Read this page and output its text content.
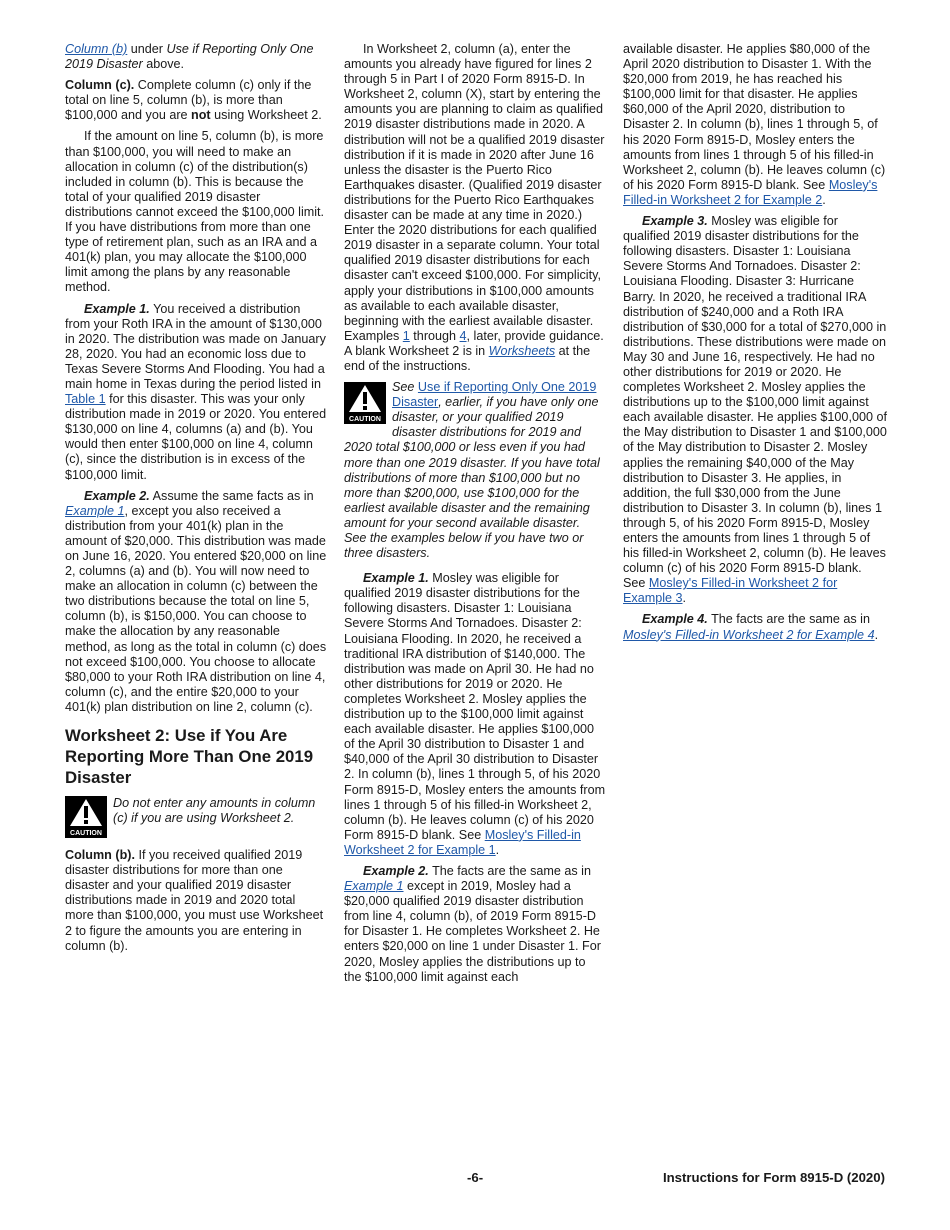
Column (b) under Use if Reporting Only One 2019 Disaster above.

Column (c). Complete column (c) only if the total on line 5, column (b), is more than $100,000 and you are not using Worksheet 2.

If the amount on line 5, column (b), is more than $100,000, you will need to make an allocation in column (c) of the distribution(s) included in column (b). This is because the total of your qualified 2019 disaster distributions cannot exceed the $100,000 limit. If you have distributions from more than one type of retirement plan, such as an IRA and a 401(k) plan, you may allocate the $100,000 limit among the plans by any reasonable method.

Example 1. You received a distribution from your Roth IRA in the amount of $130,000 in 2020. The distribution was made on January 28, 2020. You had an economic loss due to Texas Severe Storms And Flooding. You had a main home in Texas during the period listed in Table 1 for this disaster. This was your only distribution made in 2019 or 2020. You entered $130,000 on line 4, columns (a) and (b). You would then enter $100,000 on line 4, column (c), since the distribution is in excess of the $100,000 limit.

Example 2. Assume the same facts as in Example 1, except you also received a distribution from your 401(k) plan in the amount of $20,000. This distribution was made on June 16, 2020. You entered $20,000 on line 2, columns (a) and (b). You will now need to make an allocation in column (c) between the two distributions because the total on line 5, column (b), is $150,000. You can choose to make the allocation by any reasonable method, as long as the total in column (c) does not exceed $100,000. You choose to allocate $80,000 to your Roth IRA distribution on line 4, column (c), and the entire $20,000 to your 401(k) plan distribution on line 2, column (c).

Worksheet 2: Use if You Are Reporting More Than One 2019 Disaster
CAUTION
Do not enter any amounts in column (c) if you are using Worksheet 2.

Column (b). If you received qualified 2019 disaster distributions for more than one disaster and your qualified 2019 disaster distributions made in 2019 and 2020 total more than $100,000, you must use Worksheet 2 to figure the amounts you are entering in column (b).

In Worksheet 2, column (a), enter the amounts you already have figured for lines 2 through 5 in Part I of 2020 Form 8915-D. In Worksheet 2, column (X), start by entering the amounts you are planning to claim as qualified 2019 disaster distributions made in 2020. A distribution will not be a qualified 2019 disaster distribution if it is made in 2020 after June 16 unless the disaster is the Puerto Rico Earthquakes disaster. (Qualified 2019 disaster distributions for the Puerto Rico Earthquakes disaster can be made at any time in 2020.) Enter the 2020 distributions for each qualified 2019 disaster in a separate column. Your total qualified 2019 disaster distributions for each disaster can't exceed $100,000. For simplicity, apply your distributions in $100,000 amounts as available to each available disaster, beginning with the earliest available disaster. Examples 1 through 4, later, provide guidance. A blank Worksheet 2 is in Worksheets at the end of the instructions.

CAUTION
See Use if Reporting Only One 2019 Disaster, earlier, if you have only one disaster, or your qualified 2019 disaster distributions for 2019 and 2020 total $100,000 or less even if you had more than one 2019 disaster. If you have total distributions of more than $100,000 but no more than $200,000, use $100,000 for the earliest available disaster and the remaining amount for your second available disaster. See the examples below if you have two or three disasters.

Example 1. Mosley was eligible for qualified 2019 disaster distributions for the following disasters. Disaster 1: Louisiana Severe Storms And Tornadoes. Disaster 2: Louisiana Flooding. In 2020, he received a traditional IRA distribution of $140,000. The distribution was made on April 30. He had no other distributions for 2019 or 2020. He completes Worksheet 2. Mosley applies the distribution up to the $100,000 limit against each available disaster. He applies $100,000 of the April 30 distribution to Disaster 1 and $40,000 of the April 30 distribution to Disaster 2. In column (b), lines 1 through 5, of his 2020 Form 8915-D, Mosley enters the amounts from lines 1 through 5 of his filled-in Worksheet 2, column (b). He leaves column (c) of his 2020 Form 8915-D blank. See Mosley's Filled-in Worksheet 2 for Example 1.

Example 2. The facts are the same as in Example 1 except in 2019, Mosley had a $20,000 qualified 2019 disaster distribution from line 4, column (b), of 2019 Form 8915-D for Disaster 1. He completes Worksheet 2. He enters $20,000 on line 1 under Disaster 1. For 2020, Mosley applies the distributions up to the $100,000 limit against each

available disaster. He applies $80,000 of the April 2020 distribution to Disaster 1. With the $20,000 from 2019, he has reached his $100,000 limit for that disaster. He applies $60,000 of the April 2020, distribution to Disaster 2. In column (b), lines 1 through 5, of his 2020 Form 8915-D, Mosley enters the amounts from lines 1 through 5 of his filled-in Worksheet 2, column (b). He leaves column (c) of his 2020 Form 8915-D blank. See Mosley's Filled-in Worksheet 2 for Example 2.

Example 3. Mosley was eligible for qualified 2019 disaster distributions for the following disasters. Disaster 1: Louisiana Severe Storms And Tornadoes. Disaster 2: Louisiana Flooding. Disaster 3: Hurricane Barry. In 2020, he received a traditional IRA distribution of $240,000 and a Roth IRA distribution of $30,000 for a total of $270,000 in distributions. These distributions were made on May 30 and June 16, respectively. He had no other distributions for 2019 or 2020. He completes Worksheet 2. Mosley applies the distributions up to the $100,000 limit against each available disaster. He applies $100,000 of the May distribution to Disaster 1 and $100,000 of the May distribution to Disaster 2. Mosley applies the remaining $40,000 of the May distribution to Disaster 3. He applies, in addition, the full $30,000 from the June distribution to Disaster 3. In column (b), lines 1 through 5, of his 2020 Form 8915-D, Mosley enters the amounts from lines 1 through 5 of his filled-in Worksheet 2, column (b). He leaves column (c) of his 2020 Form 8915-D blank. See Mosley's Filled-in Worksheet 2 for Example 3.

Example 4. The facts are the same as in Mosley's Filled-in Worksheet 2 for Example 4.

-6-	Instructions for Form 8915-D (2020)
